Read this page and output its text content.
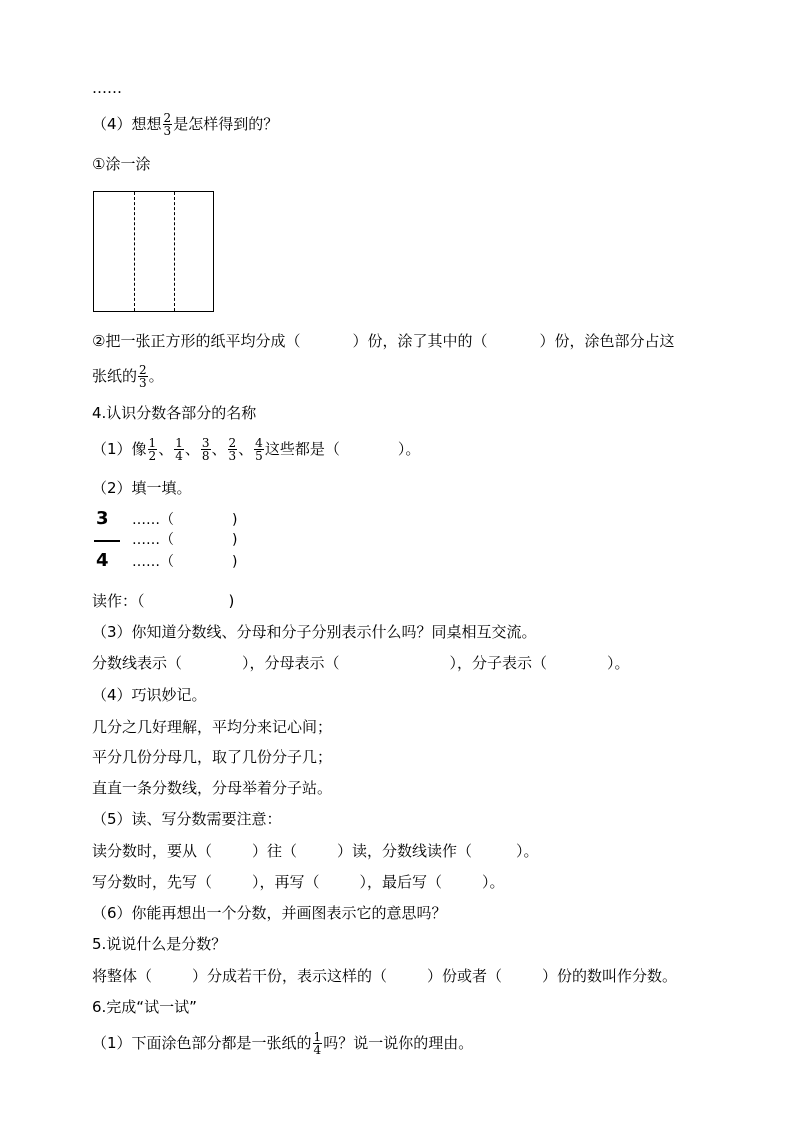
……
（4）想想 $\frac{2}{3}$ 是怎样得到的？
①涂一涂
②把一张正方形的纸平均分成（	）份，涂了其中的（	）份，涂色部分占这
张纸的 $\frac{2}{3}$ 。
4.认识分数各部分的名称
（1）像 $\frac{1}{2}$ 、 $\frac{1}{4}$ 、 $\frac{3}{8}$ 、 $\frac{2}{3}$ 、 $\frac{4}{5}$ 这些都是（	）。
（2）填一填。
3
4
……（	)
……（	)
……（	)
读作：（	)
（3）你知道分数线、分母和分子分别表示什么吗？同桌相互交流。
分数线表示（	），分母表示（	），分子表示（	）。
（4）巧识妙记。
几分之几好理解，平均分来记心间；
平分几份分母几，取了几份分子几；
直直一条分数线，分母举着分子站。
（5）读、写分数需要注意：
读分数时，要从（	）往（	）读，分数线读作（	）。
写分数时，先写（	），再写（	），最后写（	）。
（6）你能再想出一个分数，并画图表示它的意思吗？
5.说说什么是分数？
将整体（	）分成若干份，表示这样的（	）份或者（	）份的数叫作分数。
6.完成“试一试”
（1）下面涂色部分都是一张纸的 $\frac{1}{4}$ 吗？说一说你的理由。
